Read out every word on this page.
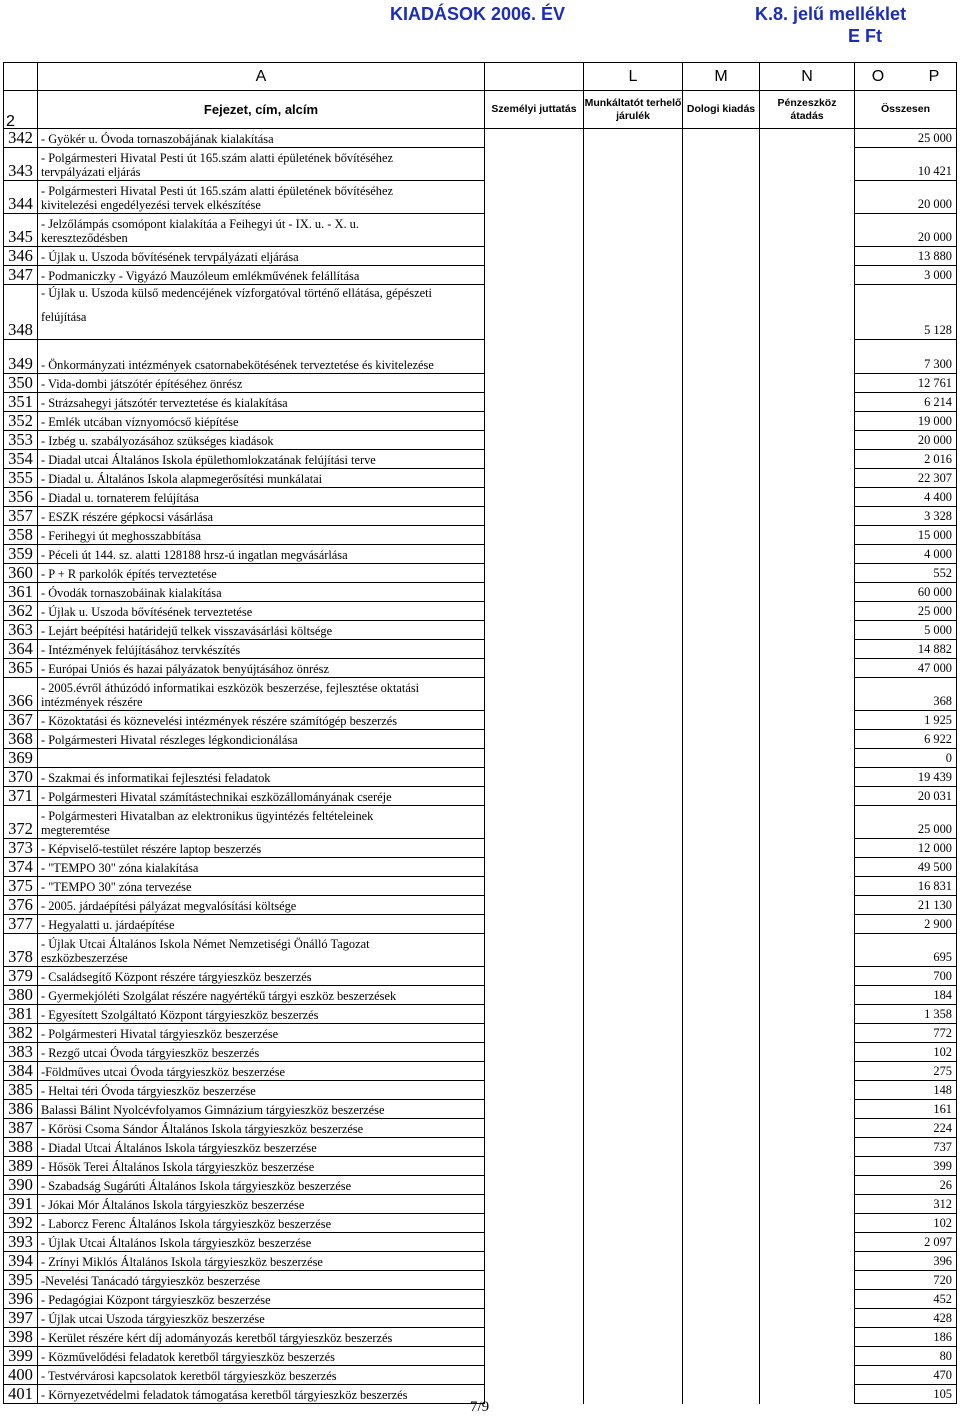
KIADÁSOK 2006. ÉV	K.8. jelű melléklet
E Ft
	A		L	M	N	O P
2	Fejezet, cím, alcím	Személyi juttatás	Munkáltatót terhelő járulék	Dologi kiadás	Pénzeszköz átadás	Összesen
342	- Gyökér u. Óvoda tornaszobájának kialakítása					25 000
343	- Polgármesteri Hivatal Pesti út 165.szám alatti épületének bővítéséhez
tervpályázati eljárás					10 421
344	- Polgármesteri Hivatal Pesti út 165.szám alatti épületének bővítéséhez
kivitelezési engedélyezési tervek elkészítése					20 000
345	- Jelzőlámpás csomópont kialakítáa a Feihegyi út - IX. u. - X. u.
kereszteződésben					20 000
346	- Újlak u. Uszoda bővítésének tervpályázati eljárása					13 880
347	- Podmaniczky - Vigyázó Mauzóleum emlékművének felállítása					3 000
348	- Újlak u. Uszoda külső medencéjének vízforgatóval történő ellátása, gépészeti
felújítása					5 128
349	- Önkormányzati intézmények csatornabekötésének terveztetése és kivitelezése					7 300
350	- Vida-dombi játszótér építéséhez önrész					12 761
351	- Strázsahegyi játszótér terveztetése és kialakítása					6 214
352	- Emlék utcában víznyomócső kiépítése					19 000
353	- Izbég u. szabályozásához szükséges kiadások					20 000
354	- Diadal utcai Általános Iskola épülethomlokzatának felújítási terve					2 016
355	- Diadal u. Általános Iskola alapmegerősítési munkálatai					22 307
356	- Diadal u. tornaterem felújítása					4 400
357	- ESZK részére gépkocsi vásárlása					3 328
358	- Ferihegyi út meghosszabbítása					15 000
359	- Péceli út 144. sz. alatti 128188 hrsz-ú ingatlan megvásárlása					4 000
360	- P + R parkolók építés terveztetése					552
361	- Óvodák tornaszobáinak kialakítása					60 000
362	- Újlak u. Uszoda bővítésének terveztetése					25 000
363	- Lejárt beépítési határidejű telkek visszavásárlási költsége					5 000
364	- Intézmények felújításához tervkészítés					14 882
365	- Európai Uniós és hazai pályázatok benyújtásához önrész					47 000
366	- 2005.évről áthúzódó informatikai eszközök beszerzése, fejlesztése oktatási
intézmények részére					368
367	- Közoktatási és köznevelési intézmények részére számítógép beszerzés					1 925
368	- Polgármesteri Hivatal részleges légkondicionálása					6 922
369						0
370	- Szakmai és informatikai fejlesztési feladatok					19 439
371	- Polgármesteri Hivatal számítástechnikai eszközállományának cseréje					20 031
372	- Polgármesteri Hivatalban az elektronikus ügyintézés feltételeinek
megteremtése					25 000
373	- Képviselő-testület részére laptop beszerzés					12 000
374	- "TEMPO 30" zóna kialakítása					49 500
375	- "TEMPO 30" zóna tervezése					16 831
376	- 2005. járdaépítési pályázat megvalósítási költsége					21 130
377	- Hegyalatti u. járdaépítése					2 900
378	- Újlak Utcai Általános Iskola Német Nemzetiségi Önálló Tagozat
eszközbeszerzése					695
379	- Családsegítő Központ részére tárgyieszköz beszerzés					700
380	- Gyermekjóléti Szolgálat részére nagyértékű tárgyi eszköz beszerzések					184
381	- Egyesített Szolgáltató Központ tárgyieszköz beszerzés					1 358
382	- Polgármesteri Hivatal tárgyieszköz beszerzése					772
383	- Rezgő utcai Óvoda tárgyieszköz beszerzés					102
384	-Földműves utcai Óvoda tárgyieszköz beszerzése					275
385	- Heltai téri Óvoda tárgyieszköz beszerzése					148
386	Balassi Bálint Nyolcévfolyamos Gimnázium tárgyieszköz beszerzése					161
387	- Kőrösi Csoma Sándor Általános Iskola tárgyieszköz beszerzése					224
388	- Diadal Utcai Általános Iskola tárgyieszköz beszerzése					737
389	- Hősök Terei Általános Iskola tárgyieszköz beszerzése					399
390	- Szabadság Sugárúti Általános Iskola tárgyieszköz beszerzése					26
391	- Jókai Mór Általános Iskola tárgyieszköz beszerzése					312
392	- Laborcz Ferenc Általános Iskola tárgyieszköz beszerzése					102
393	- Újlak Utcai Általános Iskola tárgyieszköz beszerzése					2 097
394	- Zrínyi Miklós Általános Iskola tárgyieszköz beszerzése					396
395	-Nevelési Tanácadó tárgyieszköz beszerzése					720
396	- Pedagógiai Központ tárgyieszköz beszerzése					452
397	- Újlak utcai Uszoda tárgyieszköz beszerzése					428
398	- Kerület részére kért díj adományozás keretből tárgyieszköz beszerzés					186
399	- Közművelődési feladatok keretből tárgyieszköz beszerzés					80
400	- Testvérvárosi kapcsolatok keretből tárgyieszköz beszerzés					470
401	- Környezetvédelmi feladatok támogatása keretből tárgyieszköz beszerzés					105
7/9
